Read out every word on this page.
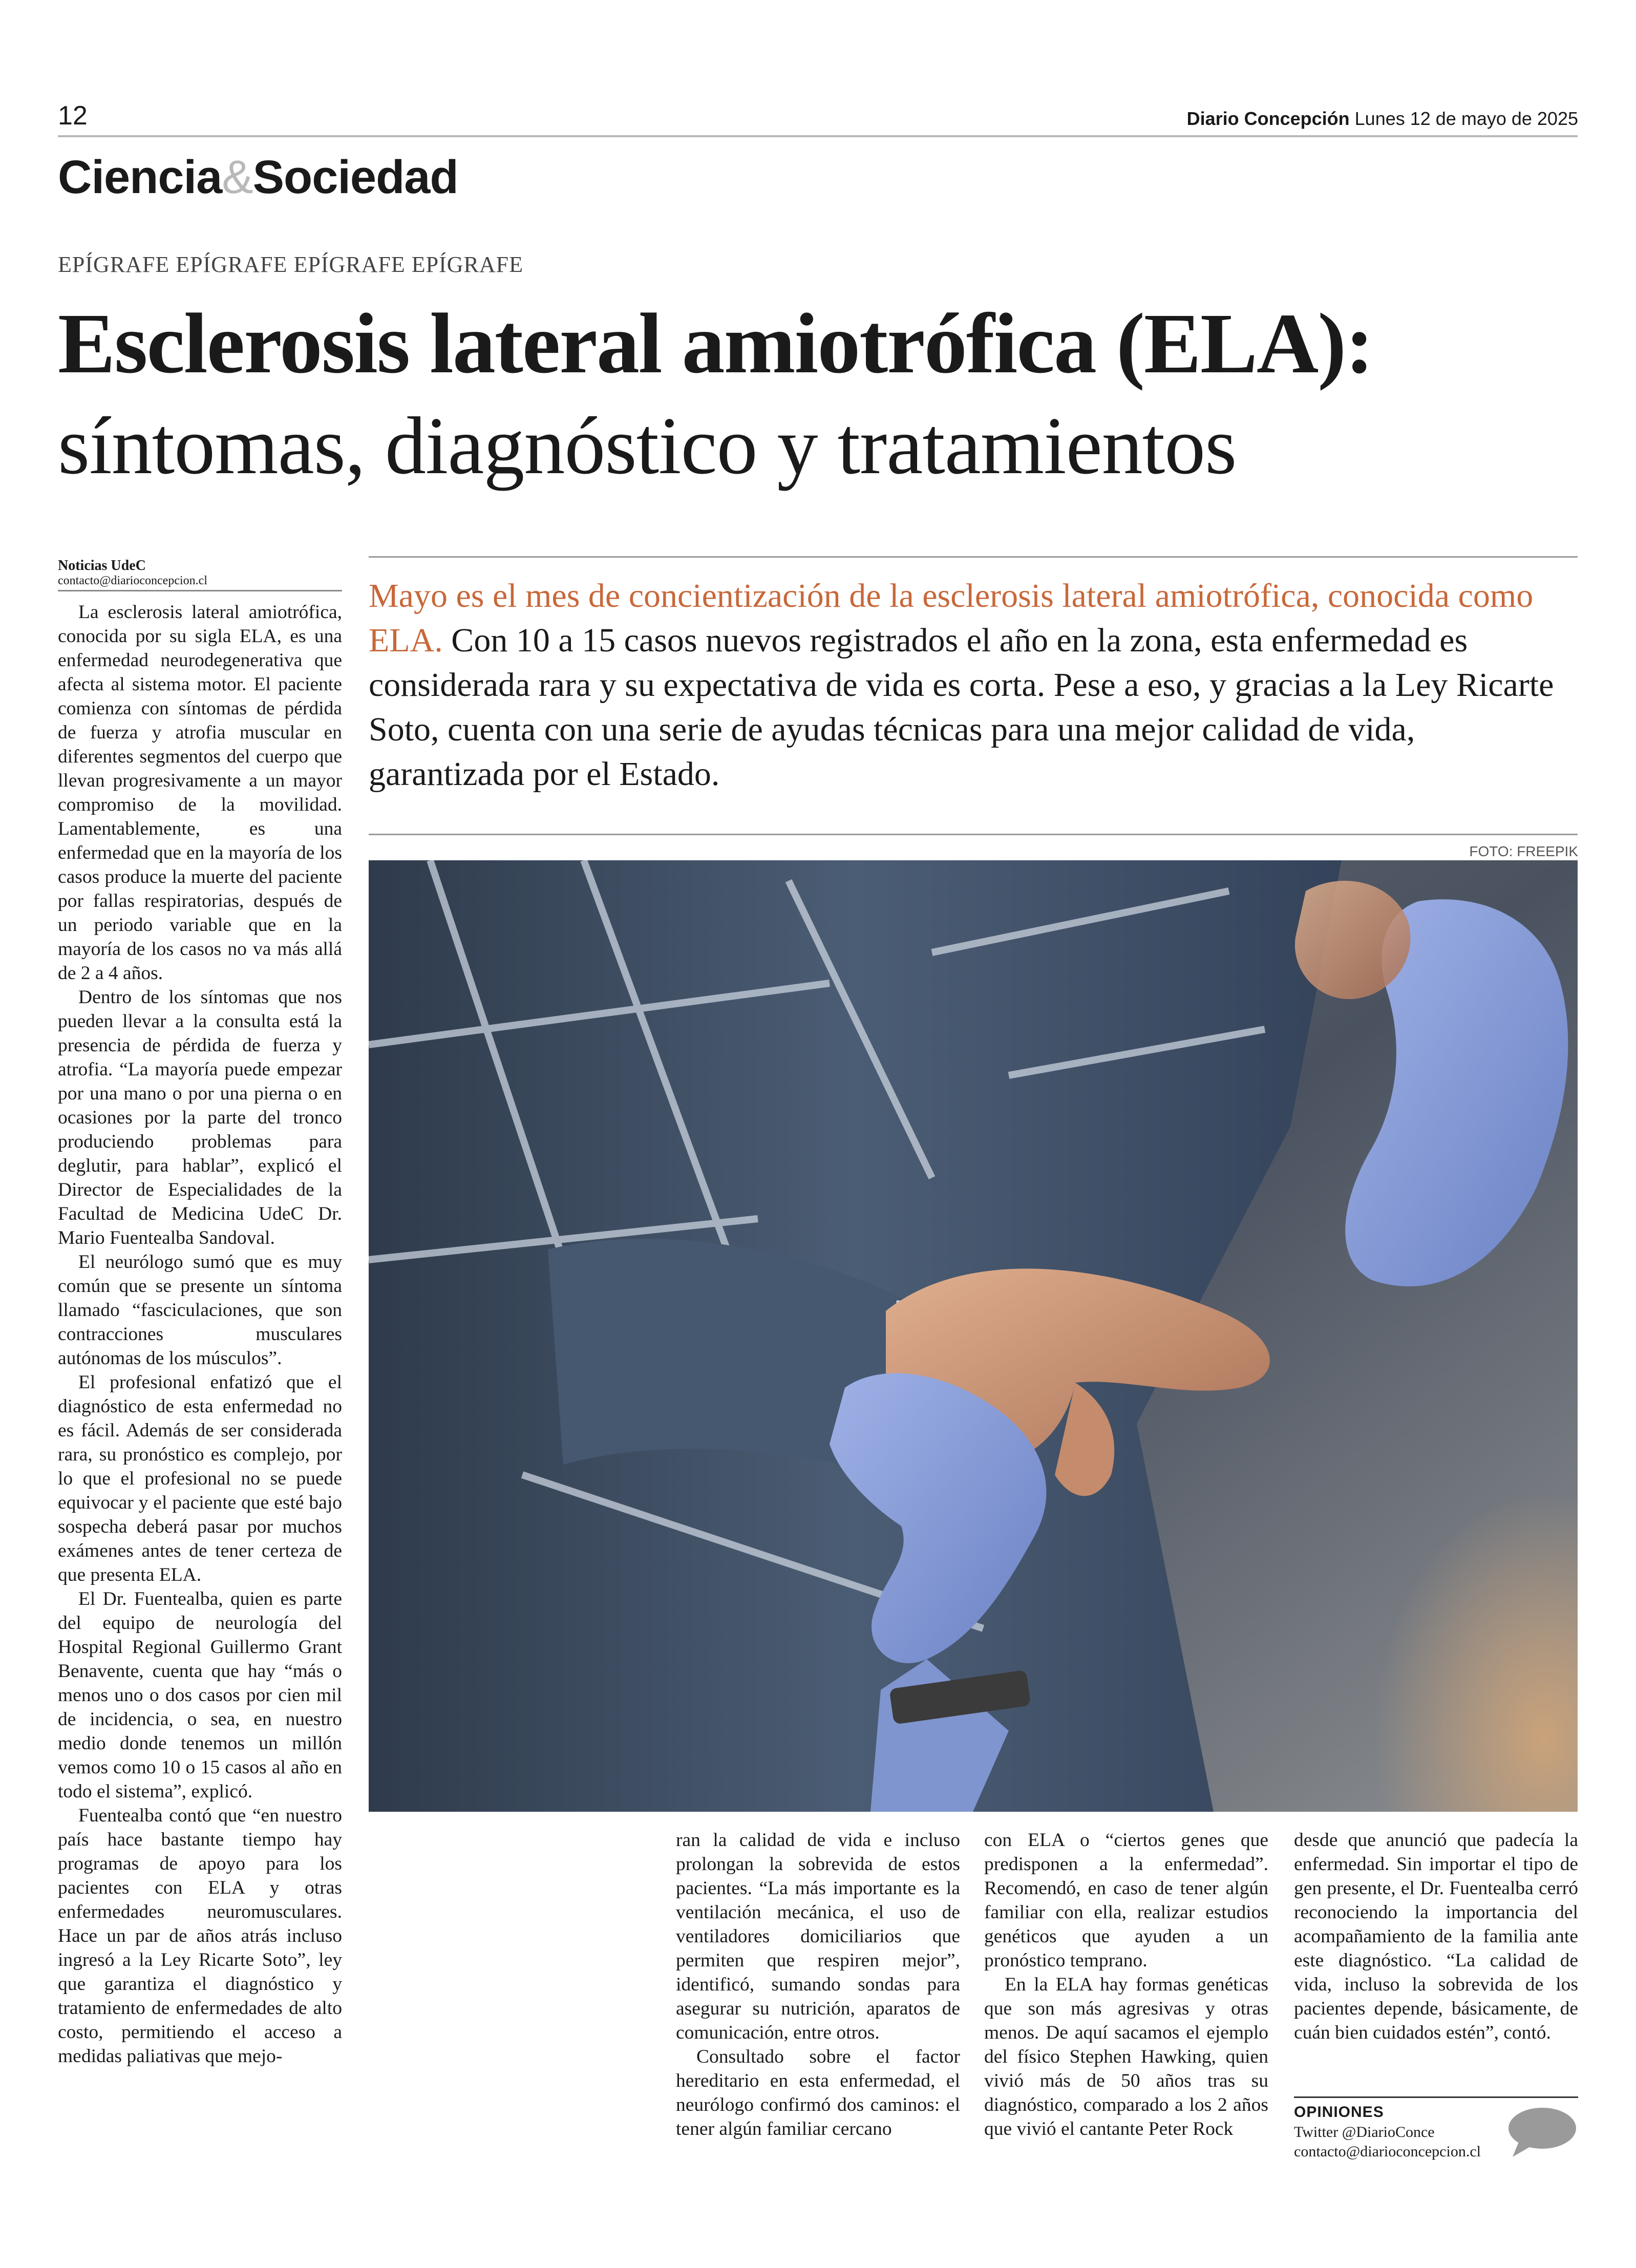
12	Diario Concepción Lunes 12 de mayo de 2025
Ciencia&Sociedad
EPÍGRAFE EPÍGRAFE EPÍGRAFE EPÍGRAFE
Esclerosis lateral amiotrófica (ELA):
síntomas, diagnóstico y tratamientos
Noticias UdeC
contacto@diarioconcepcion.cl	Mayo es el mes de concientización de la esclerosis lateral amiotrófica, conocida como ELA. Con 10 a 15 casos nuevos registrados el año en la zona, esta enfermedad es considerada rara y su expectativa de vida es corta. Pese a eso, y gracias a la Ley Ricarte Soto, cuenta con una serie de ayudas técnicas para una mejor calidad de vida, garantizada por el Estado.
FOTO: FREEPIK

La esclerosis lateral amiotrófica, conocida por su sigla ELA, es una enfermedad neurodegenerativa que afecta al sistema motor. El paciente comienza con síntomas de pérdida de fuerza y atrofia muscular en diferentes segmentos del cuerpo que llevan progresivamente a un mayor compromiso de la movilidad. Lamentablemente, es una enfermedad que en la mayoría de los casos produce la muerte del paciente por fallas respiratorias, después de un periodo variable que en la mayoría de los casos no va más allá de 2 a 4 años.

Dentro de los síntomas que nos pueden llevar a la consulta está la presencia de pérdida de fuerza y atrofia. “La mayoría puede empezar por una mano o por una pierna o en ocasiones por la parte del tronco produciendo problemas para deglutir, para hablar”, explicó el Director de Especialidades de la Facultad de Medicina UdeC Dr. Mario Fuentealba Sandoval.

El neurólogo sumó que es muy común que se presente un síntoma llamado “fasciculaciones, que son contracciones musculares autónomas de los músculos”.

El profesional enfatizó que el diagnóstico de esta enfermedad no es fácil. Además de ser considerada rara, su pronóstico es complejo, por lo que el profesional no se puede equivocar y el paciente que esté bajo sospecha deberá pasar por muchos exámenes antes de tener certeza de que presenta ELA.

El Dr. Fuentealba, quien es parte del equipo de neurología del Hospital Regional Guillermo Grant Benavente, cuenta que hay “más o menos uno o dos casos por cien mil de incidencia, o sea, en nuestro medio donde tenemos un millón vemos como 10 o 15 casos al año en todo el sistema”, explicó.

Fuentealba contó que “en nuestro país hace bastante tiempo hay programas de apoyo para los pacientes con ELA y otras enfermedades neuromusculares. Hace un par de años atrás incluso ingresó a la Ley Ricarte Soto”, ley que garantiza el diagnóstico y tratamiento de enfermedades de alto costo, permitiendo el acceso a medidas paliativas que mejo-

ran la calidad de vida e incluso prolongan la sobrevida de estos pacientes. “La más importante es la ventilación mecánica, el uso de ventiladores domiciliarios que permiten que respiren mejor”, identificó, sumando sondas para asegurar su nutrición, aparatos de comunicación, entre otros.

Consultado sobre el factor hereditario en esta enfermedad, el neurólogo confirmó dos caminos: el tener algún familiar cercano

con ELA o “ciertos genes que predisponen a la enfermedad”. Recomendó, en caso de tener algún familiar con ella, realizar estudios genéticos que ayuden a un pronóstico temprano.

En la ELA hay formas genéticas que son más agresivas y otras menos. De aquí sacamos el ejemplo del físico Stephen Hawking, quien vivió más de 50 años tras su diagnóstico, comparado a los 2 años que vivió el cantante Peter Rock

desde que anunció que padecía la enfermedad. Sin importar el tipo de gen presente, el Dr. Fuentealba cerró reconociendo la importancia del acompañamiento de la familia ante este diagnóstico. “La calidad de vida, incluso la sobrevida de los pacientes depende, básicamente, de cuán bien cuidados estén”, contó.

OPINIONES
Twitter @DiarioConce
contacto@diarioconcepcion.cl
